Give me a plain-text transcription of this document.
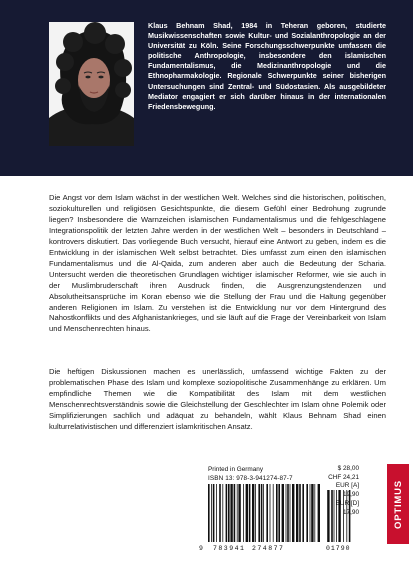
Klaus Behnam Shad, 1984 in Teheran geboren, studierte Musikwissenschaften sowie Kultur- und Sozialanthropologie an der Universität zu Köln. Seine Forschungsschwerpunkte umfassen die politische Anthropologie, insbesondere den islamischen Fundamentalismus, die Medizinanthropologie und die Ethnopharmakologie. Regionale Schwerpunkte seiner bisherigen Untersuchungen sind Zentral- und Südostasien. Als ausgebildeter Mediator engagiert er sich darüber hinaus in der internationalen Friedensbewegung.

Die Angst vor dem Islam wächst in der westlichen Welt. Welches sind die historischen, politischen, soziokulturellen und religiösen Gesichtspunkte, die diesem Gefühl einer Bedrohung zugrunde liegen? Insbesondere die Warnzeichen islamischen Fundamentalismus und die fehlgeschlagene Integrationspolitik der letzten Jahre werden in der westlichen Welt – besonders in Deutschland – kontrovers diskutiert. Das vorliegende Buch versucht, hierauf eine Antwort zu geben, indem es die Entwicklung in der islamischen Welt selbst betrachtet. Dies umfasst zum einen den islamischen Fundamentalismus und die Al-Qaida, zum anderen aber auch die Bedeutung der Scharia. Untersucht werden die theoretischen Grundlagen wichtiger islamischer Reformer, wie sie auch in der Muslimbruderschaft ihren Ausdruck finden, die Ausgrenzungstendenzen und Absolutheitsansprüche im Koran ebenso wie die Stellung der Frau und die Haltung gegenüber anderen Religionen im Islam. Zu verstehen ist die Entwicklung nur vor dem Hintergrund des Nahostkonflikts und des Afghanistankrieges, und sie läuft auf die Frage der Vereinbarkeit von Islam und Menschenrechten hinaus.

Die heftigen Diskussionen machen es unerlässlich, umfassend wichtige Fakten zu der problematischen Phase des Islam und komplexe soziopolitische Zusammenhänge zu erklären. Um empfindliche Themen wie die Kompatibilität des Islam mit dem westlichen Menschenrechtsverständnis sowie die Gleichstellung der Geschlechter im Islam ohne Polemik oder Simplifizierungen sachlich und adäquat zu behandeln, wählt Klaus Behnam Shad einen kulturrelativistischen und differenziert islamkritischen Ansatz.

Printed in Germany
ISBN 13: 978-3-941274-87-7
9 783941 274877	01790
$ 28,00
CHF 24,21
EUR [A] 19,90
EUR [D] 17,90	OPTIMUS
